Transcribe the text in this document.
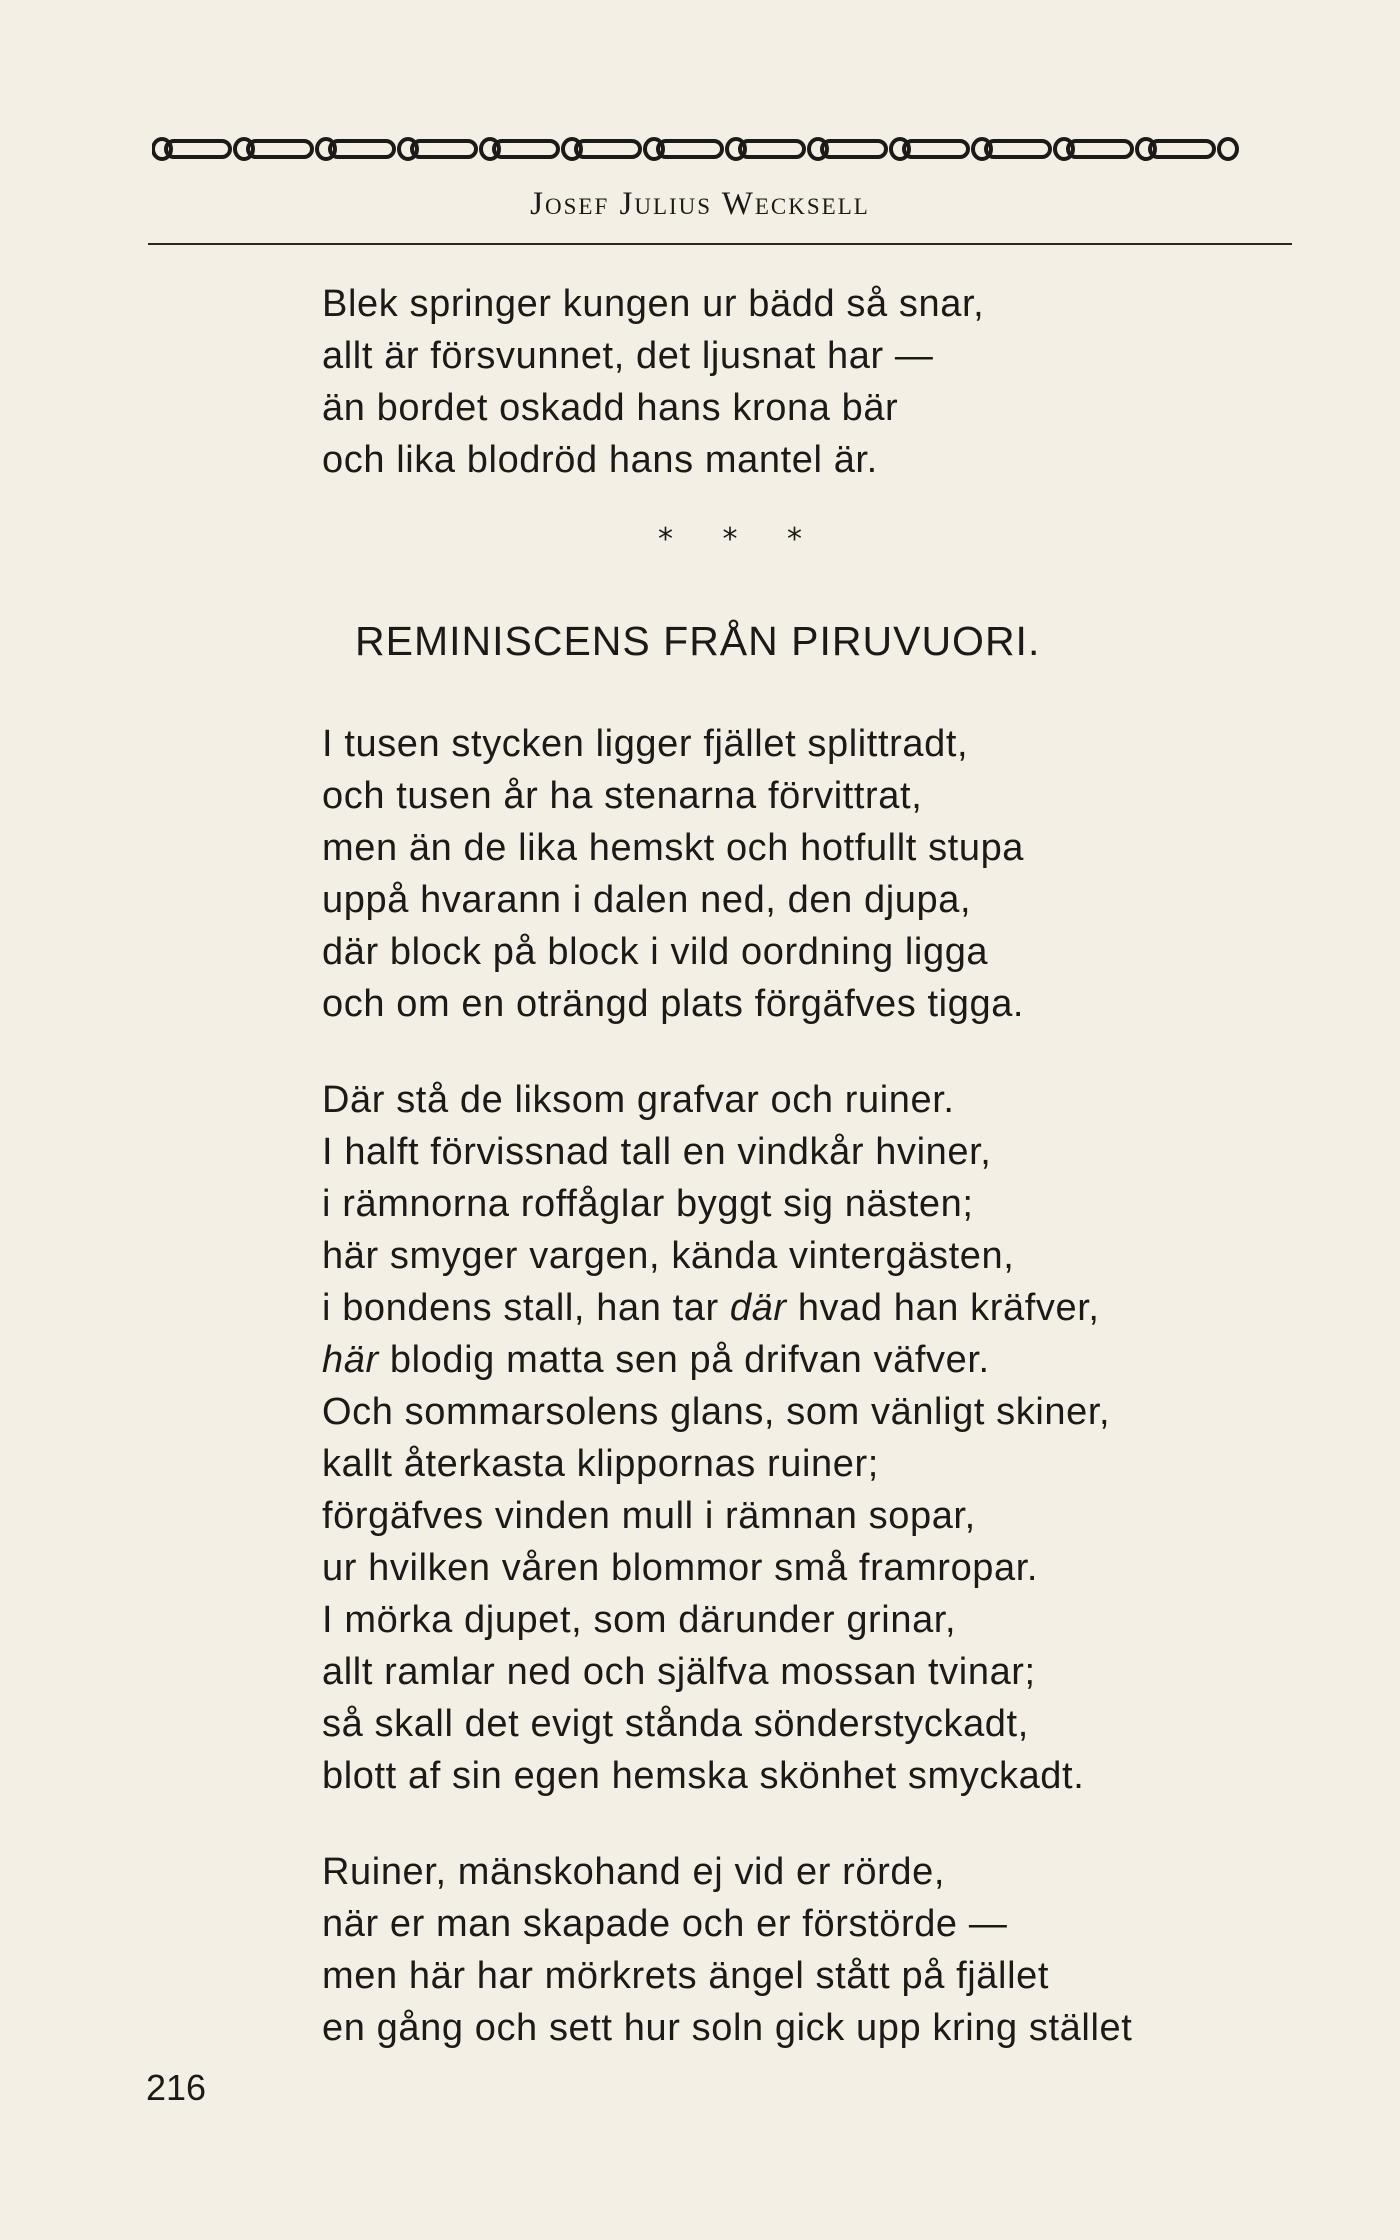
Josef Julius Wecksell
Blek springer kungen ur bädd så snar,
allt är försvunnet, det ljusnat har —
än bordet oskadd hans krona bär
och lika blodröd hans mantel är.
* * *
REMINISCENS FRÅN PIRUVUORI.
I tusen stycken ligger fjället splittradt,
och tusen år ha stenarna förvittrat,
men än de lika hemskt och hotfullt stupa
uppå hvarann i dalen ned, den djupa,
där block på block i vild oordning ligga
och om en oträngd plats förgäfves tigga.
Där stå de liksom grafvar och ruiner.
I halft förvissnad tall en vindkår hviner,
i rämnorna roffåglar byggt sig nästen;
här smyger vargen, kända vintergästen,
i bondens stall, han tar där hvad han kräfver,
här blodig matta sen på drifvan väfver.
Och sommarsolens glans, som vänligt skiner,
kallt återkasta klippornas ruiner;
förgäfves vinden mull i rämnan sopar,
ur hvilken våren blommor små framropar.
I mörka djupet, som därunder grinar,
allt ramlar ned och själfva mossan tvinar;
så skall det evigt stånda sönderstyckadt,
blott af sin egen hemska skönhet smyckadt.
Ruiner, mänskohand ej vid er rörde,
när er man skapade och er förstörde —
men här har mörkrets ängel stått på fjället
en gång och sett hur soln gick upp kring stället
216
